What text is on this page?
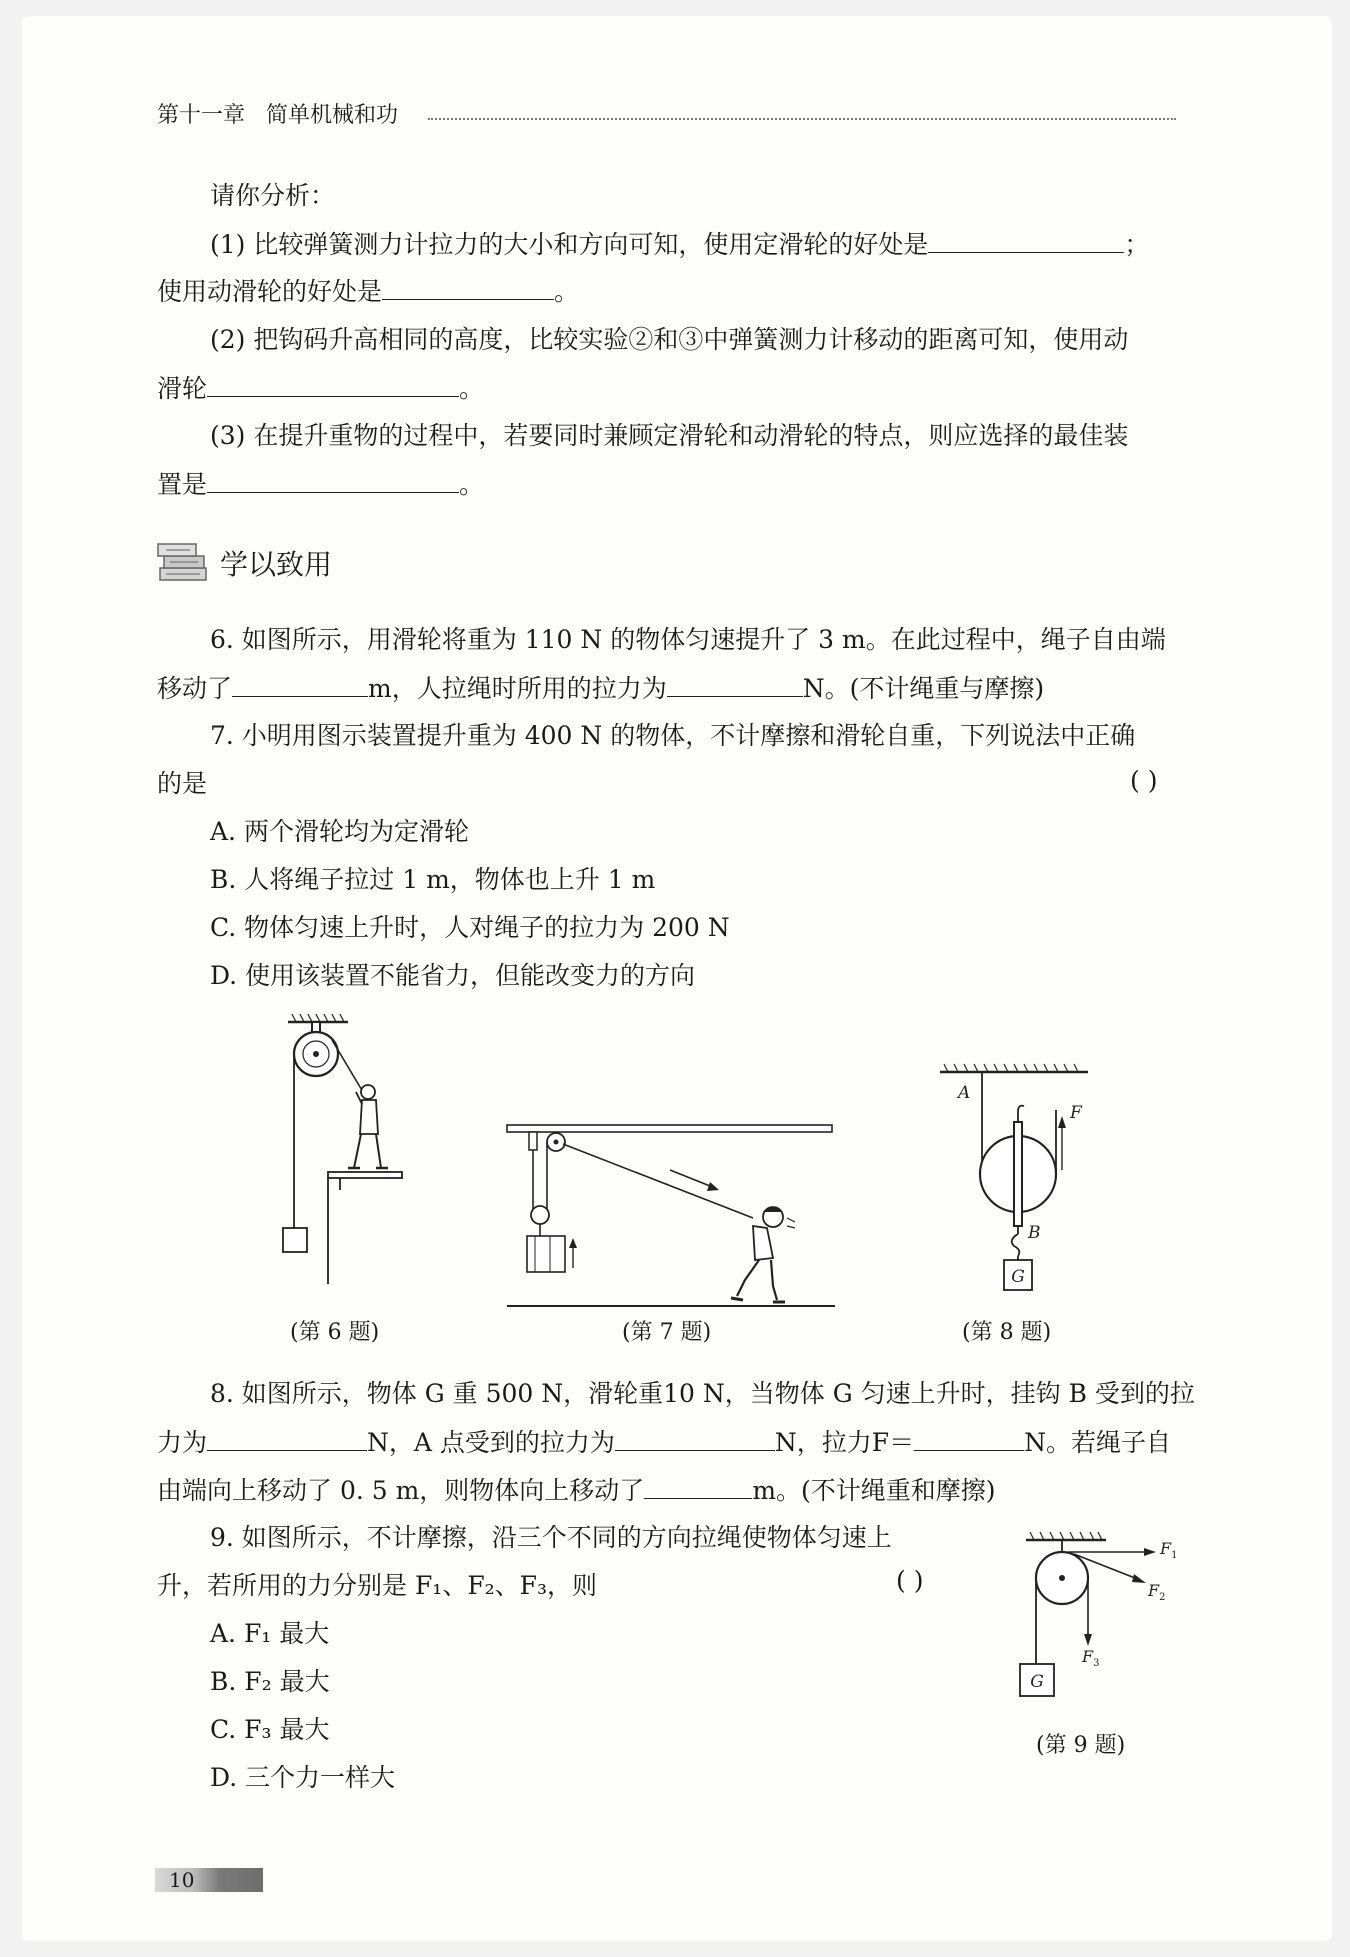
第十一章 简单机械和功
请你分析：
(1) 比较弹簧测力计拉力的大小和方向可知，使用定滑轮的好处是	；
使用动滑轮的好处是	。
(2) 把钩码升高相同的高度，比较实验②和③中弹簧测力计移动的距离可知，使用动
滑轮	。
(3) 在提升重物的过程中，若要同时兼顾定滑轮和动滑轮的特点，则应选择的最佳装
置是	。
学以致用
6. 如图所示，用滑轮将重为 110 N 的物体匀速提升了 3 m。在此过程中，绳子自由端
移动了	m，人拉绳时所用的拉力为	N。(不计绳重与摩擦)
7. 小明用图示装置提升重为 400 N 的物体，不计摩擦和滑轮自重，下列说法中正确
的是	( )
A. 两个滑轮均为定滑轮
B. 人将绳子拉过 1 m，物体也上升 1 m
C. 物体匀速上升时，人对绳子的拉力为 200 N
D. 使用该装置不能省力，但能改变力的方向
(第 6 题)	(第 7 题)
G
A
F
B
(第 8 题)
8. 如图所示，物体 G 重 500 N，滑轮重10 N，当物体 G 匀速上升时，挂钩 B 受到的拉
力为	N，A 点受到的拉力为	N，拉力F＝	N。若绳子自
由端向上移动了 0. 5 m，则物体向上移动了	m。(不计绳重和摩擦)
9. 如图所示，不计摩擦，沿三个不同的方向拉绳使物体匀速上
升，若所用的力分别是 F₁、F₂、F₃，则	( )
A. F₁ 最大
B. F₂ 最大
C. F₃ 最大
D. 三个力一样大
G
$F_1$
$F_2$
$F_3$
(第 9 题)
10
